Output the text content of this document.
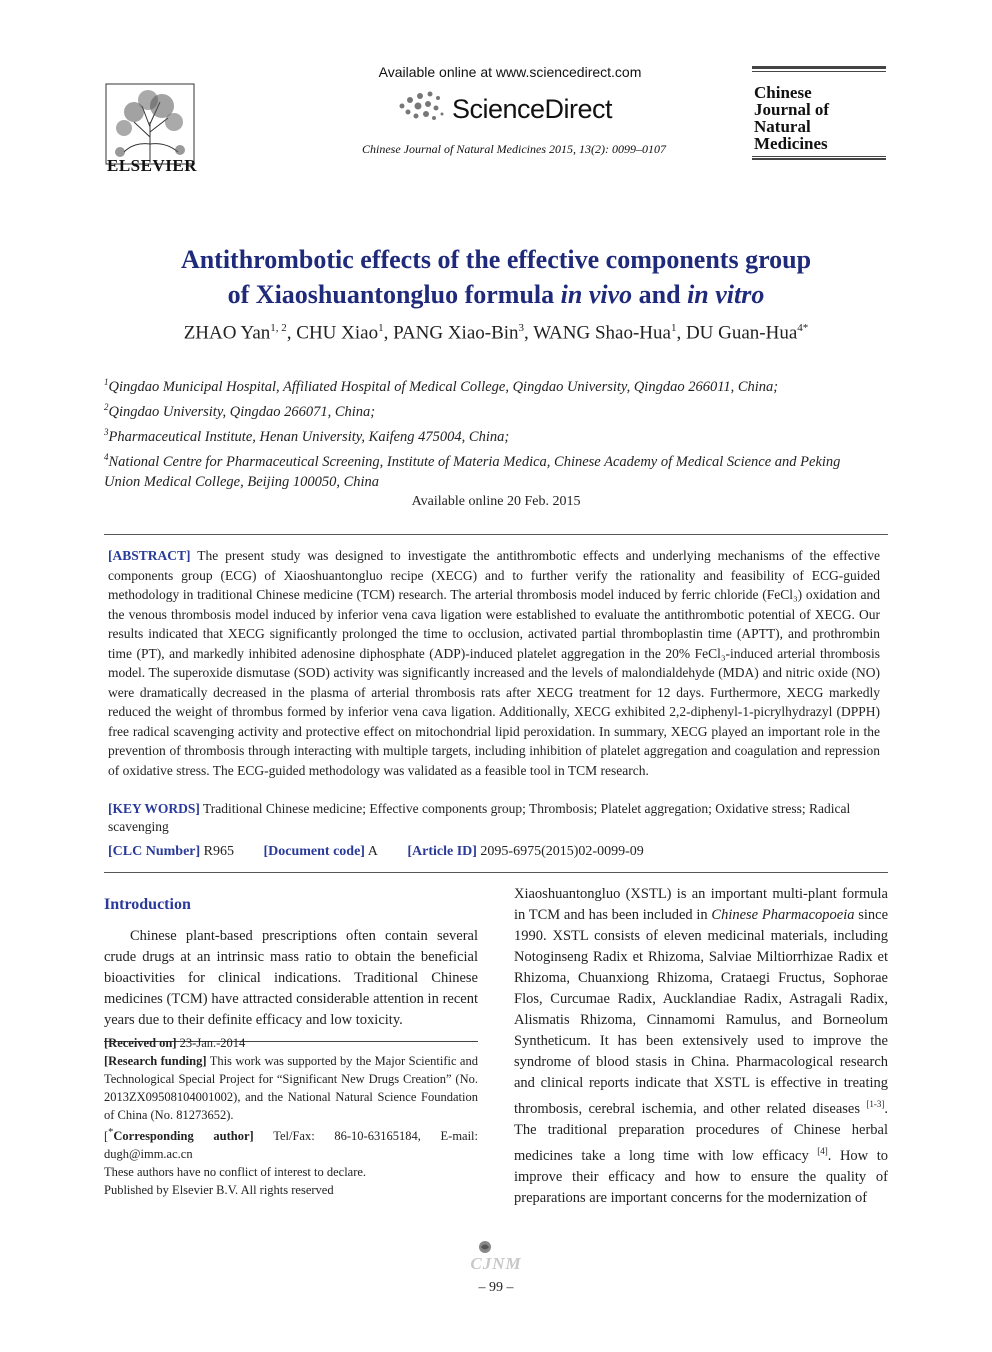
ELSEVIER
Available online at www.sciencedirect.com
ScienceDirect
Chinese Journal of Natural Medicines 2015, 13(2): 0099–0107
Chinese
Journal of
Natural
Medicines
Antithrombotic effects of the effective components group
of Xiaoshuantongluo formula in vivo and in vitro
ZHAO Yan$^{1, 2}$, CHU Xiao$^1$, PANG Xiao-Bin$^3$, WANG Shao-Hua$^1$, DU Guan-Hua$^{4*}$
$^1$Qingdao Municipal Hospital, Affiliated Hospital of Medical College, Qingdao University, Qingdao 266011, China;
$^2$Qingdao University, Qingdao 266071, China;
$^3$Pharmaceutical Institute, Henan University, Kaifeng 475004, China;
$^4$National Centre for Pharmaceutical Screening, Institute of Materia Medica, Chinese Academy of Medical Science and Peking
Union Medical College, Beijing 100050, China
Available online 20 Feb. 2015
[ABSTRACT] The present study was designed to investigate the antithrombotic effects and underlying mechanisms of the effective components group (ECG) of Xiaoshuantongluo recipe (XECG) and to further verify the rationality and feasibility of ECG-guided methodology in traditional Chinese medicine (TCM) research. The arterial thrombosis model induced by ferric chloride (FeCl₃) oxidation and the venous thrombosis model induced by inferior vena cava ligation were established to evaluate the antithrombotic potential of XECG. Our results indicated that XECG significantly prolonged the time to occlusion, activated partial thromboplastin time (APTT), and prothrombin time (PT), and markedly inhibited adenosine diphosphate (ADP)-induced platelet aggregation in the 20% FeCl₃-induced arterial thrombosis model. The superoxide dismutase (SOD) activity was significantly increased and the levels of malondialdehyde (MDA) and nitric oxide (NO) were dramatically decreased in the plasma of arterial thrombosis rats after XECG treatment for 12 days. Furthermore, XECG markedly reduced the weight of thrombus formed by inferior vena cava ligation. Additionally, XECG exhibited 2,2-diphenyl-1-picrylhydrazyl (DPPH) free radical scavenging activity and protective effect on mitochondrial lipid peroxidation. In summary, XECG played an important role in the prevention of thrombosis through interacting with multiple targets, including inhibition of platelet aggregation and coagulation and repression of oxidative stress. The ECG-guided methodology was validated as a feasible tool in TCM research.
[KEY WORDS] Traditional Chinese medicine; Effective components group; Thrombosis; Platelet aggregation; Oxidative stress; Radical scavenging
[CLC Number] R965 [Document code] A [Article ID] 2095-6975(2015)02-0099-09
Introduction
Chinese plant-based prescriptions often contain several crude drugs at an intrinsic mass ratio to obtain the beneficial bioactivities for clinical indications. Traditional Chinese medicines (TCM) have attracted considerable attention in recent years due to their definite efficacy and low toxicity.

[Received on] 23-Jan.-2014

[Research funding] This work was supported by the Major Scientific and Technological Special Project for “Significant New Drugs Creation” (No. 2013ZX09508104001002), and the National Natural Science Foundation of China (No. 81273652).

[*Corresponding author] Tel/Fax: 86-10-63165184, E-mail: dugh@imm.ac.cn

These authors have no conflict of interest to declare.

Published by Elsevier B.V. All rights reserved

Xiaoshuantongluo (XSTL) is an important multi-plant formula in TCM and has been included in Chinese Pharmacopoeia since 1990. XSTL consists of eleven medicinal materials, including Notoginseng Radix et Rhizoma, Salviae Miltiorrhizae Radix et Rhizoma, Chuanxiong Rhizoma, Crataegi Fructus, Sophorae Flos, Curcumae Radix, Aucklandiae Radix, Astragali Radix, Alismatis Rhizoma, Cinnamomi Ramulus, and Borneolum Syntheticum. It has been extensively used to improve the syndrome of blood stasis in China. Pharmacological research and clinical reports indicate that XSTL is effective in treating thrombosis, cerebral ischemia, and other related diseases [1-3]. The traditional preparation procedures of Chinese herbal medicines take a long time with low efficacy [4]. How to improve their efficacy and how to ensure the quality of preparations are important concerns for the modernization of
CJNM
– 99 –
